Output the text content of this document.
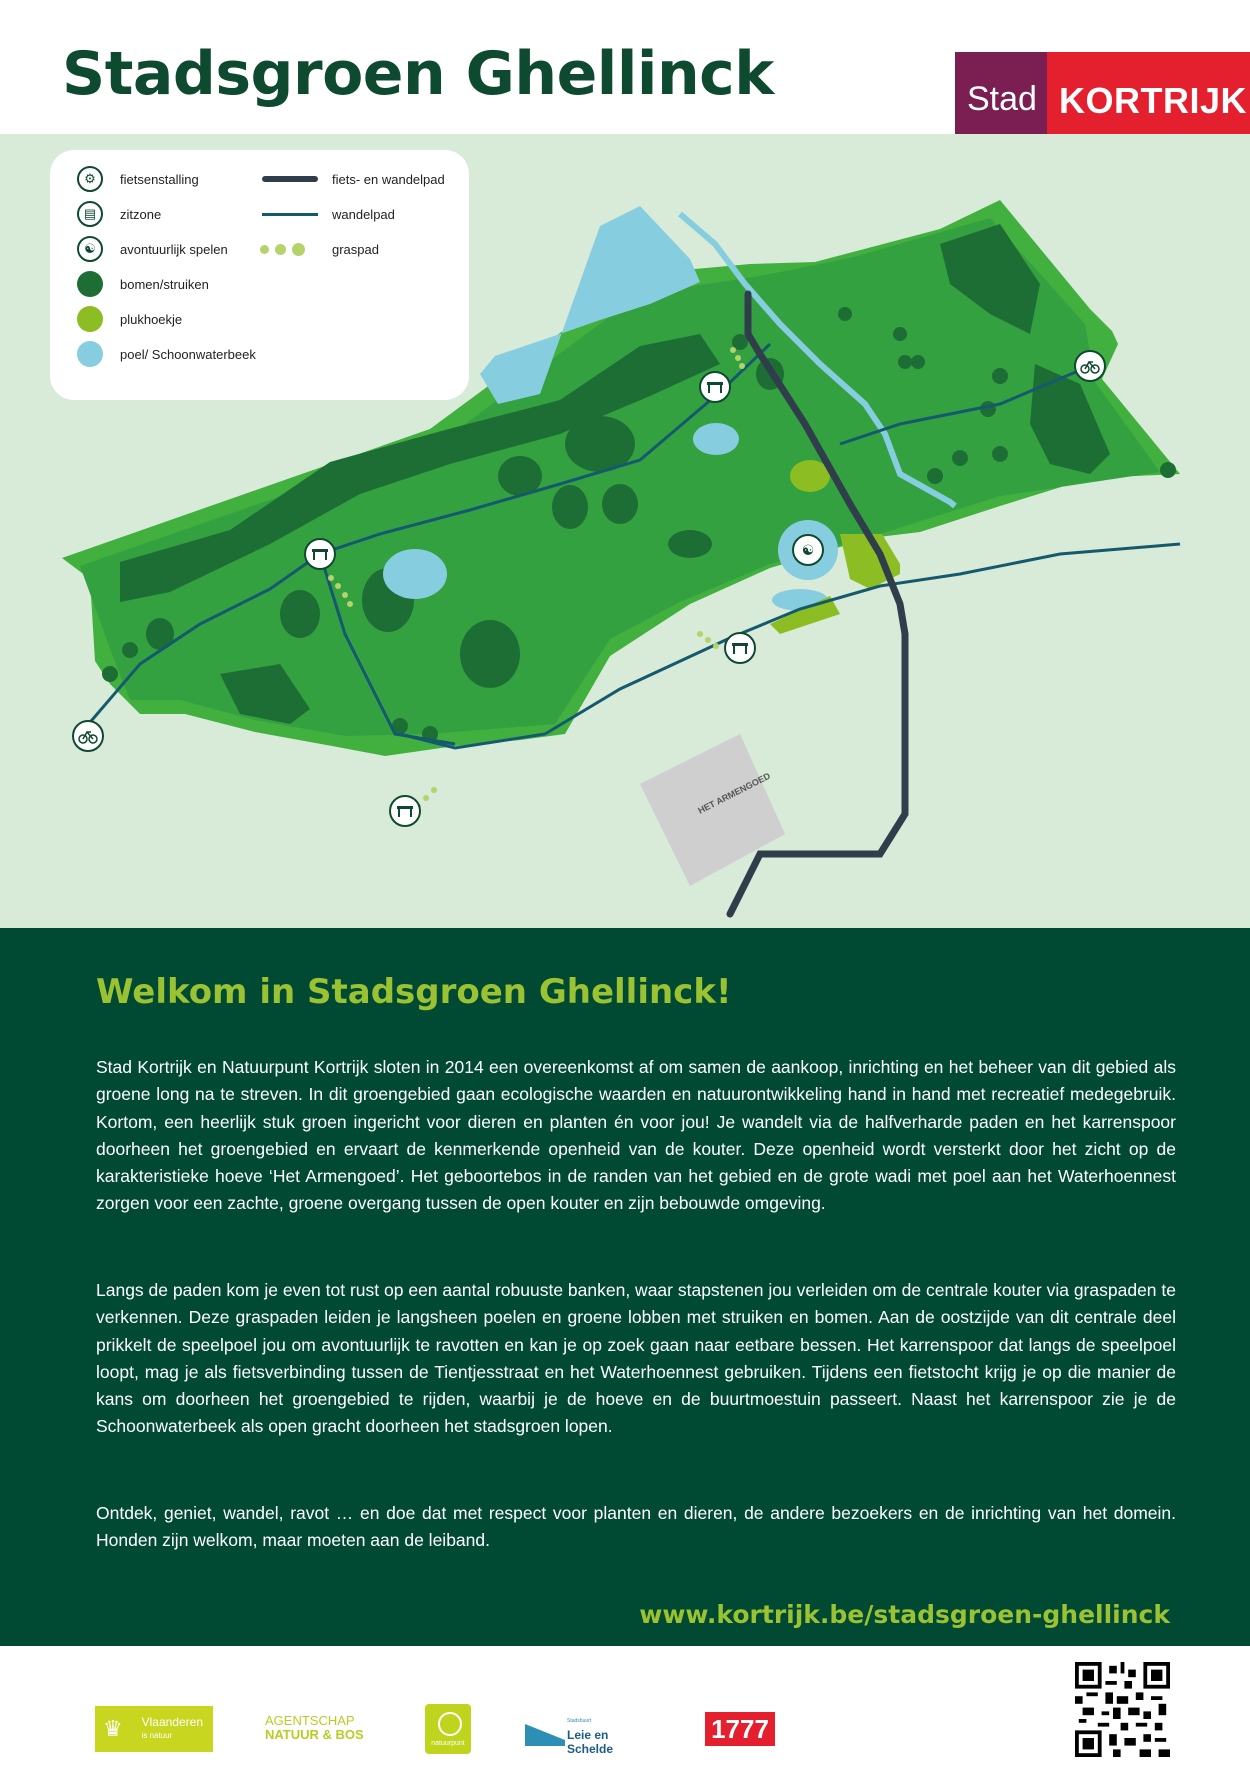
Stadsgroen Ghellinck	Stad KORTRIJK
HET ARMENGOED
☯
⚙	fietsenstalling
▤	zitzone
☯	avontuurlijk spelen
bomen/struiken
plukhoekje
poel/ Schoonwaterbeek
fiets- en wandelpad
wandelpad
graspad
Welkom in Stadsgroen Ghellinck!

Stad Kortrijk en Natuurpunt Kortrijk sloten in 2014 een overeenkomst af om samen de aankoop, inrichting en het beheer van dit gebied als groene long na te streven. In dit groengebied gaan ecologische waarden en natuurontwikkeling hand in hand met recreatief medegebruik. Kortom, een heerlijk stuk groen ingericht voor dieren en planten én voor jou! Je wandelt via de halfverharde paden en het karrenspoor doorheen het groengebied en ervaart de kenmerkende openheid van de kouter. Deze openheid wordt versterkt door het zicht op de karakteristieke hoeve ‘Het Armengoed’. Het geboortebos in de randen van het gebied en de grote wadi met poel aan het Waterhoennest zorgen voor een zachte, groene overgang tussen de open kouter en zijn bebouwde omgeving.

Langs de paden kom je even tot rust op een aantal robuuste banken, waar stapstenen jou verleiden om de centrale kouter via graspaden te verkennen. Deze graspaden leiden je langsheen poelen en groene lobben met struiken en bomen. Aan de oostzijde van dit centrale deel prikkelt de speelpoel jou om avontuurlijk te ravotten en kan je op zoek gaan naar eetbare bessen. Het karrenspoor dat langs de speelpoel loopt, mag je als fietsverbinding tussen de Tientjesstraat en het Waterhoennest gebruiken. Tijdens een fietstocht krijg je op die manier de kans om doorheen het groengebied te rijden, waarbij je de hoeve en de buurtmoestuin passeert. Naast het karrenspoor zie je de Schoonwaterbeek als open gracht doorheen het stadsgroen lopen.

Ontdek, geniet, wandel, ravot … en doe dat met respect voor planten en dieren, de andere bezoekers en de inrichting van het domein. Honden zijn welkom, maar moeten aan de leiband.

www.kortrijk.be/stadsgroen-ghellinck
♛ Vlaanderen
is natuur
AGENTSCHAP
NATUUR & BOS
natuurpunt
Stadsbuurt
Leie en Schelde
1777
